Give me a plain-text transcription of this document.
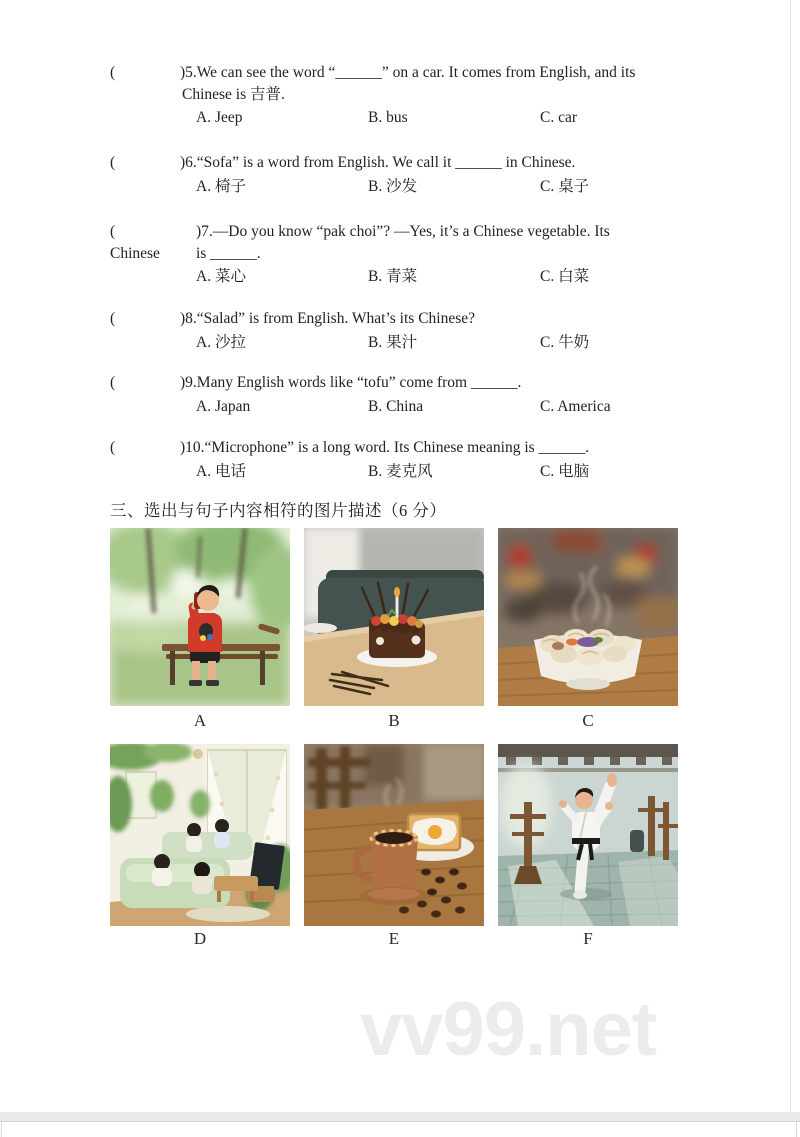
(	)5.We can see the word “______” on a car. It comes from English, and its
Chinese is 吉普.
A. Jeep	B. bus	C. car
(	)6.“Sofa” is a word from English. We call it ______ in Chinese.
A. 椅子	B. 沙发	C. 桌子
(	)7.—Do you know “pak choi”? —Yes, it’s a Chinese vegetable. Its
Chinese is ______.
A. 菜心	B. 青菜	C. 白菜
(	)8.“Salad” is from English. What’s its Chinese?
A. 沙拉	B. 果汁	C. 牛奶
(	)9.Many English words like “tofu” come from ______.
A. Japan	B. China	C. America
(	)10.“Microphone” is a long word. Its Chinese meaning is ______.
A. 电话	B. 麦克风	C. 电脑
三、选出与句子内容相符的图片描述（6 分）
A	B	C
D	E	F
vv99.net
